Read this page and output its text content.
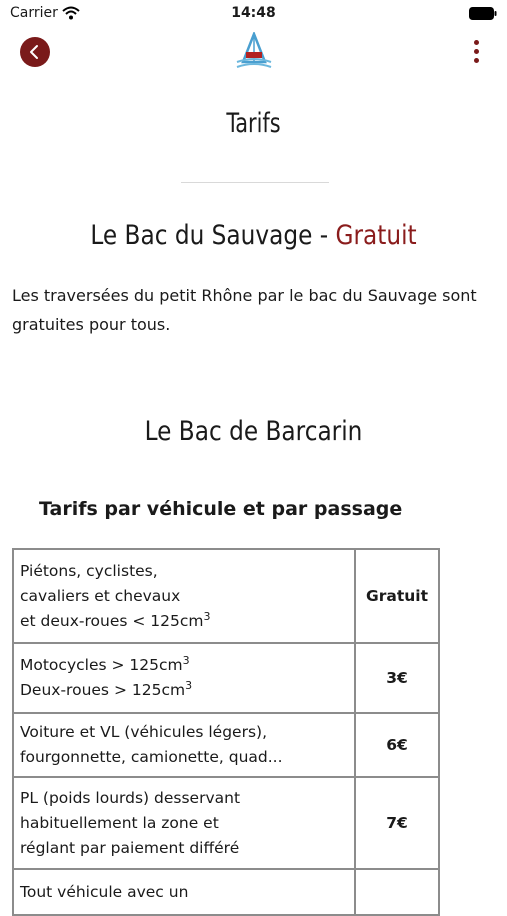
Carrier	14:48
Tarifs
Le Bac du Sauvage - Gratuit
Les traversées du petit Rhône par le bac du Sauvage sont gratuites pour tous.
Le Bac de Barcarin
Tarifs par véhicule et par passage
Piétons, cyclistes,
cavaliers et chevaux
et deux-roues < $125cm^3$	Gratuit

Motocycles > $125cm^3$
Deux-roues > $125cm^3$	3€

Voiture et VL (véhicules légers),
fourgonnette, camionette, quad...	6€

PL (poids lourds) desservant
habituellement la zone et
réglant par paiement différé	7€

Tout véhicule avec un	
